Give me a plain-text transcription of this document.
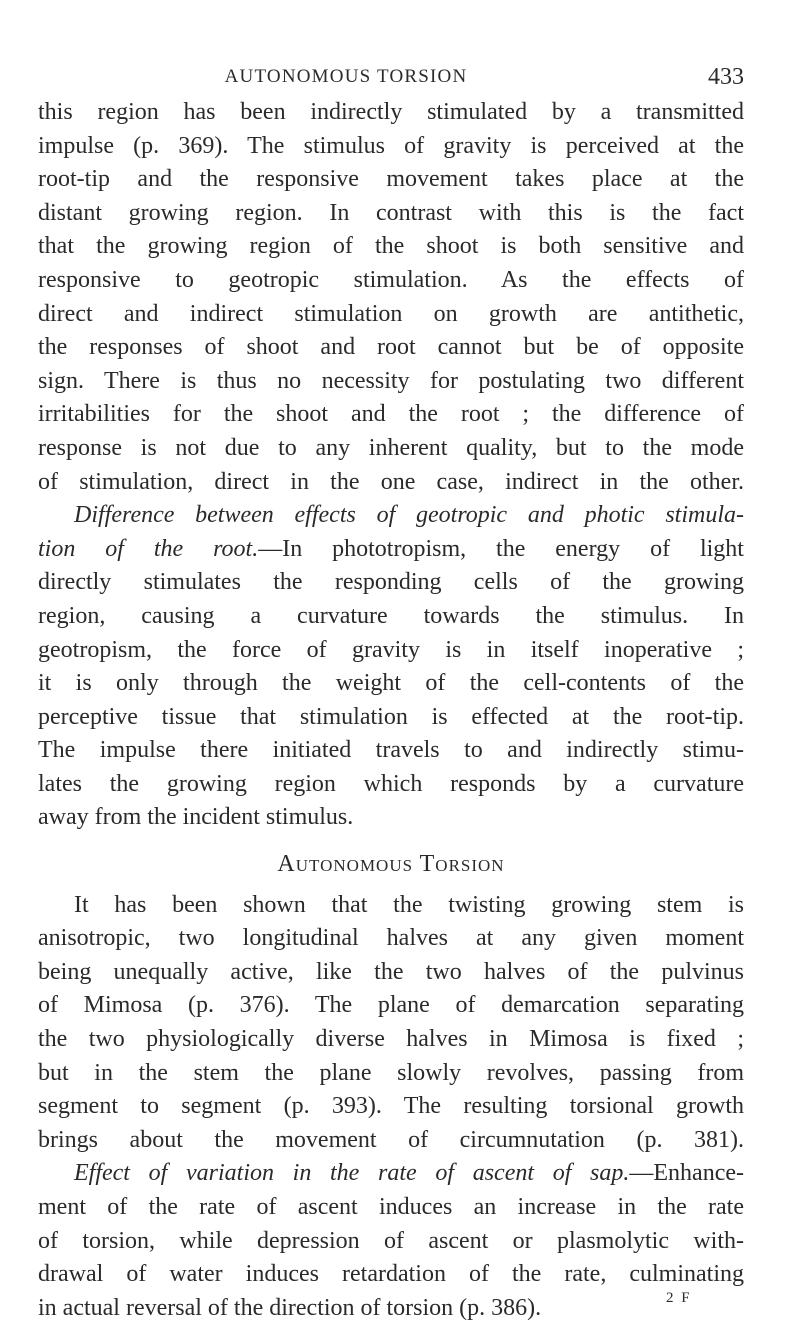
AUTONOMOUS TORSION	433
this region has been indirectly stimulated by a transmitted
impulse (p. 369). The stimulus of gravity is perceived at the
root-tip and the responsive movement takes place at the
distant growing region. In contrast with this is the fact
that the growing region of the shoot is both sensitive and
responsive to geotropic stimulation. As the effects of
direct and indirect stimulation on growth are antithetic,
the responses of shoot and root cannot but be of opposite
sign. There is thus no necessity for postulating two different
irritabilities for the shoot and the root ; the difference of
response is not due to any inherent quality, but to the mode
of stimulation, direct in the one case, indirect in the other.
Difference between effects of geotropic and photic stimula-
tion of the root.—In phototropism, the energy of light
directly stimulates the responding cells of the growing
region, causing a curvature towards the stimulus. In
geotropism, the force of gravity is in itself inoperative ;
it is only through the weight of the cell-contents of the
perceptive tissue that stimulation is effected at the root-tip.
The impulse there initiated travels to and indirectly stimu-
lates the growing region which responds by a curvature
away from the incident stimulus.
Autonomous Torsion
It has been shown that the twisting growing stem is
anisotropic, two longitudinal halves at any given moment
being unequally active, like the two halves of the pulvinus
of Mimosa (p. 376). The plane of demarcation separating
the two physiologically diverse halves in Mimosa is fixed ;
but in the stem the plane slowly revolves, passing from
segment to segment (p. 393). The resulting torsional growth
brings about the movement of circumnutation (p. 381).
Effect of variation in the rate of ascent of sap.—Enhance-
ment of the rate of ascent induces an increase in the rate
of torsion, while depression of ascent or plasmolytic with-
drawal of water induces retardation of the rate, culminating
in actual reversal of the direction of torsion (p. 386).	2 F
